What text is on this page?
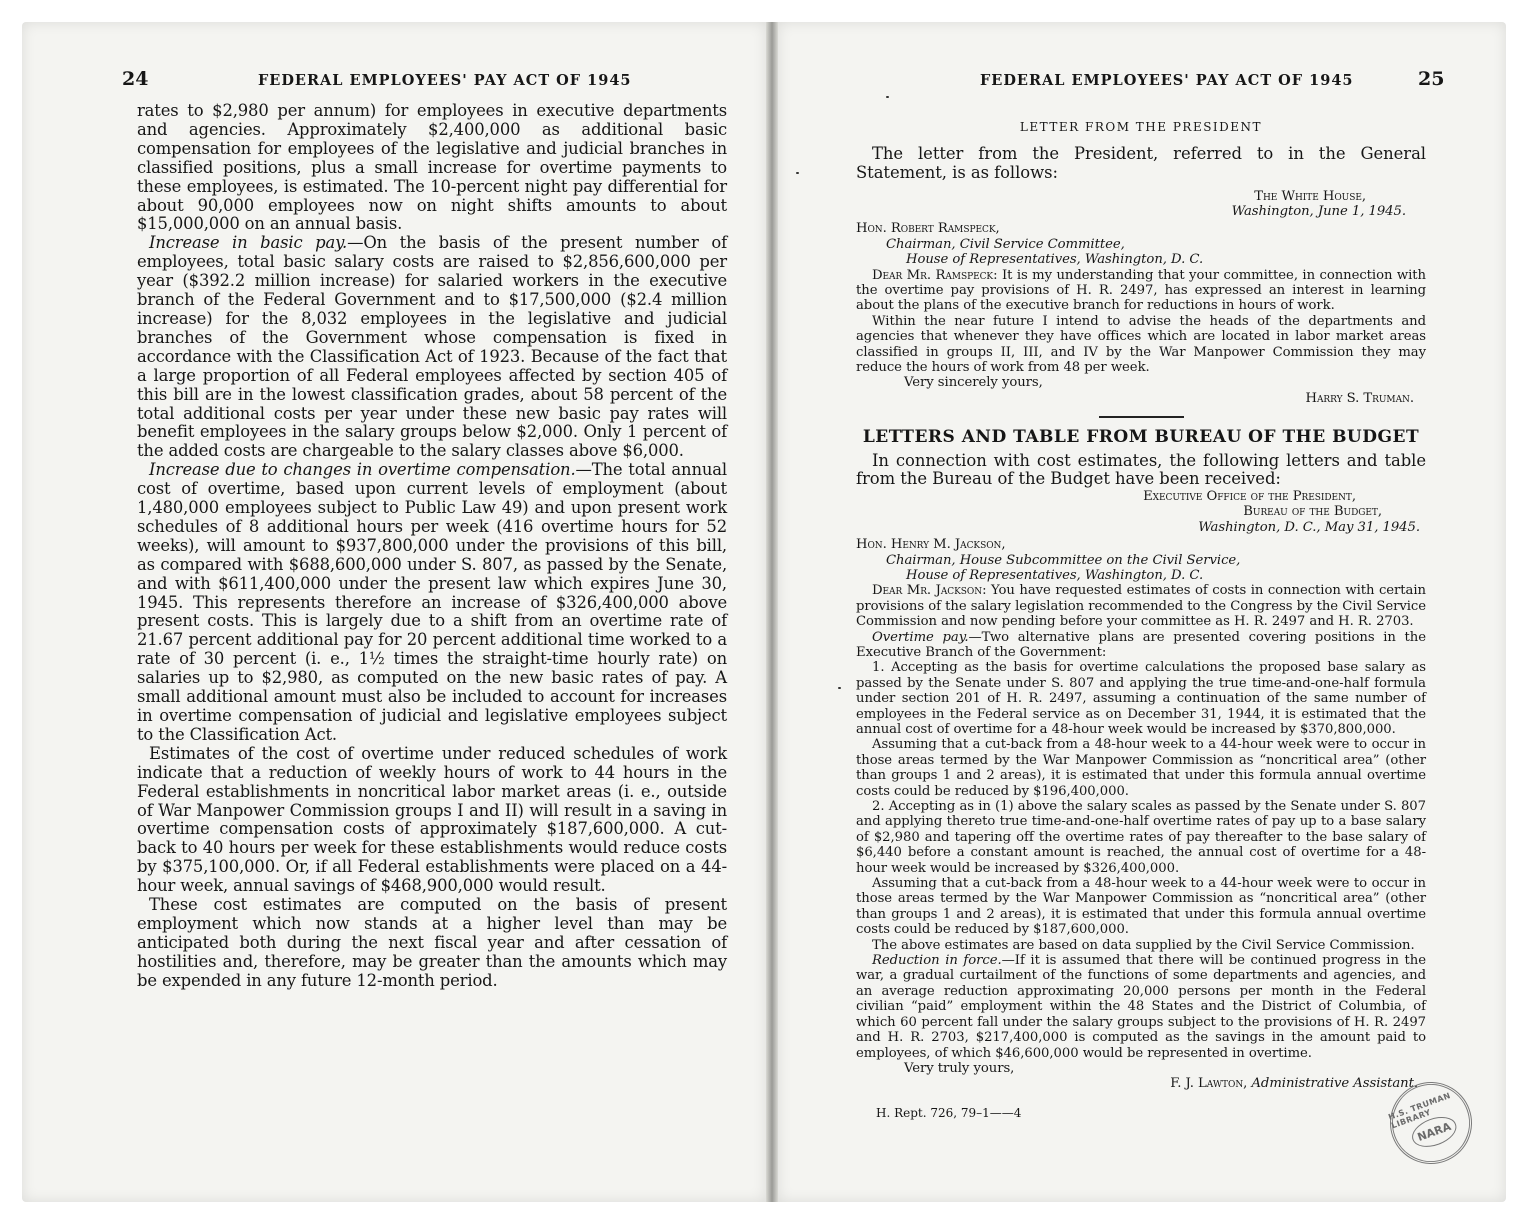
24	FEDERAL EMPLOYEES' PAY ACT OF 1945

rates to $2,980 per annum) for employees in executive departments and agencies. Approximately $2,400,000 as additional basic compensation for employees of the legislative and judicial branches in classified positions, plus a small increase for overtime payments to these employees, is estimated. The 10-percent night pay differential for about 90,000 employees now on night shifts amounts to about $15,000,000 on an annual basis.

Increase in basic pay.—On the basis of the present number of employees, total basic salary costs are raised to $2,856,600,000 per year ($392.2 million increase) for salaried workers in the executive branch of the Federal Government and to $17,500,000 ($2.4 million increase) for the 8,032 employees in the legislative and judicial branches of the Government whose compensation is fixed in accordance with the Classification Act of 1923. Because of the fact that a large proportion of all Federal employees affected by section 405 of this bill are in the lowest classification grades, about 58 percent of the total additional costs per year under these new basic pay rates will benefit employees in the salary groups below $2,000. Only 1 percent of the added costs are chargeable to the salary classes above $6,000.

Increase due to changes in overtime compensation.—The total annual cost of overtime, based upon current levels of employment (about 1,480,000 employees subject to Public Law 49) and upon present work schedules of 8 additional hours per week (416 overtime hours for 52 weeks), will amount to $937,800,000 under the provisions of this bill, as compared with $688,600,000 under S. 807, as passed by the Senate, and with $611,400,000 under the present law which expires June 30, 1945. This represents therefore an increase of $326,400,000 above present costs. This is largely due to a shift from an overtime rate of 21.67 percent additional pay for 20 percent additional time worked to a rate of 30 percent (i. e., 1½ times the straight-time hourly rate) on salaries up to $2,980, as computed on the new basic rates of pay. A small additional amount must also be included to account for increases in overtime compensation of judicial and legislative employees subject to the Classification Act.

Estimates of the cost of overtime under reduced schedules of work indicate that a reduction of weekly hours of work to 44 hours in the Federal establishments in noncritical labor market areas (i. e., outside of War Manpower Commission groups I and II) will result in a saving in overtime compensation costs of approximately $187,600,000. A cut-back to 40 hours per week for these establishments would reduce costs by $375,100,000. Or, if all Federal establishments were placed on a 44-hour week, annual savings of $468,900,000 would result.

These cost estimates are computed on the basis of present employment which now stands at a higher level than may be anticipated both during the next fiscal year and after cessation of hostilities and, therefore, may be greater than the amounts which may be expended in any future 12-month period.

FEDERAL EMPLOYEES' PAY ACT OF 1945	25
LETTER FROM THE PRESIDENT

The letter from the President, referred to in the General Statement, is as follows:

The White House,
Washington, June 1, 1945.
Hon. Robert Ramspeck,
Chairman, Civil Service Committee,
House of Representatives, Washington, D. C.

Dear Mr. Ramspeck: It is my understanding that your committee, in connection with the overtime pay provisions of H. R. 2497, has expressed an interest in learning about the plans of the executive branch for reductions in hours of work.

Within the near future I intend to advise the heads of the departments and agencies that whenever they have offices which are located in labor market areas classified in groups II, III, and IV by the War Manpower Commission they may reduce the hours of work from 48 per week.

Very sincerely yours,
Harry S. Truman.
LETTERS AND TABLE FROM BUREAU OF THE BUDGET

In connection with cost estimates, the following letters and table from the Bureau of the Budget have been received:

Executive Office of the President,
Bureau of the Budget,
Washington, D. C., May 31, 1945.
Hon. Henry M. Jackson,
Chairman, House Subcommittee on the Civil Service,
House of Representatives, Washington, D. C.

Dear Mr. Jackson: You have requested estimates of costs in connection with certain provisions of the salary legislation recommended to the Congress by the Civil Service Commission and now pending before your committee as H. R. 2497 and H. R. 2703.

Overtime pay.—Two alternative plans are presented covering positions in the Executive Branch of the Government:

1. Accepting as the basis for overtime calculations the proposed base salary as passed by the Senate under S. 807 and applying the true time-and-one-half formula under section 201 of H. R. 2497, assuming a continuation of the same number of employees in the Federal service as on December 31, 1944, it is estimated that the annual cost of overtime for a 48-hour week would be increased by $370,800,000.

Assuming that a cut-back from a 48-hour week to a 44-hour week were to occur in those areas termed by the War Manpower Commission as “noncritical area” (other than groups 1 and 2 areas), it is estimated that under this formula annual overtime costs could be reduced by $196,400,000.

2. Accepting as in (1) above the salary scales as passed by the Senate under S. 807 and applying thereto true time-and-one-half overtime rates of pay up to a base salary of $2,980 and tapering off the overtime rates of pay thereafter to the base salary of $6,440 before a constant amount is reached, the annual cost of overtime for a 48-hour week would be increased by $326,400,000.

Assuming that a cut-back from a 48-hour week to a 44-hour week were to occur in those areas termed by the War Manpower Commission as “noncritical area” (other than groups 1 and 2 areas), it is estimated that under this formula annual overtime costs could be reduced by $187,600,000.

The above estimates are based on data supplied by the Civil Service Commission.

Reduction in force.—If it is assumed that there will be continued progress in the war, a gradual curtailment of the functions of some departments and agencies, and an average reduction approximating 20,000 persons per month in the Federal civilian “paid” employment within the 48 States and the District of Columbia, of which 60 percent fall under the salary groups subject to the provisions of H. R. 2497 and H. R. 2703, $217,400,000 is computed as the savings in the amount paid to employees, of which $46,600,000 would be represented in overtime.

Very truly yours,
F. J. Lawton, Administrative Assistant.
H. Rept. 726, 79–1——4	H.S. TRUMAN LIBRARY
NARA
